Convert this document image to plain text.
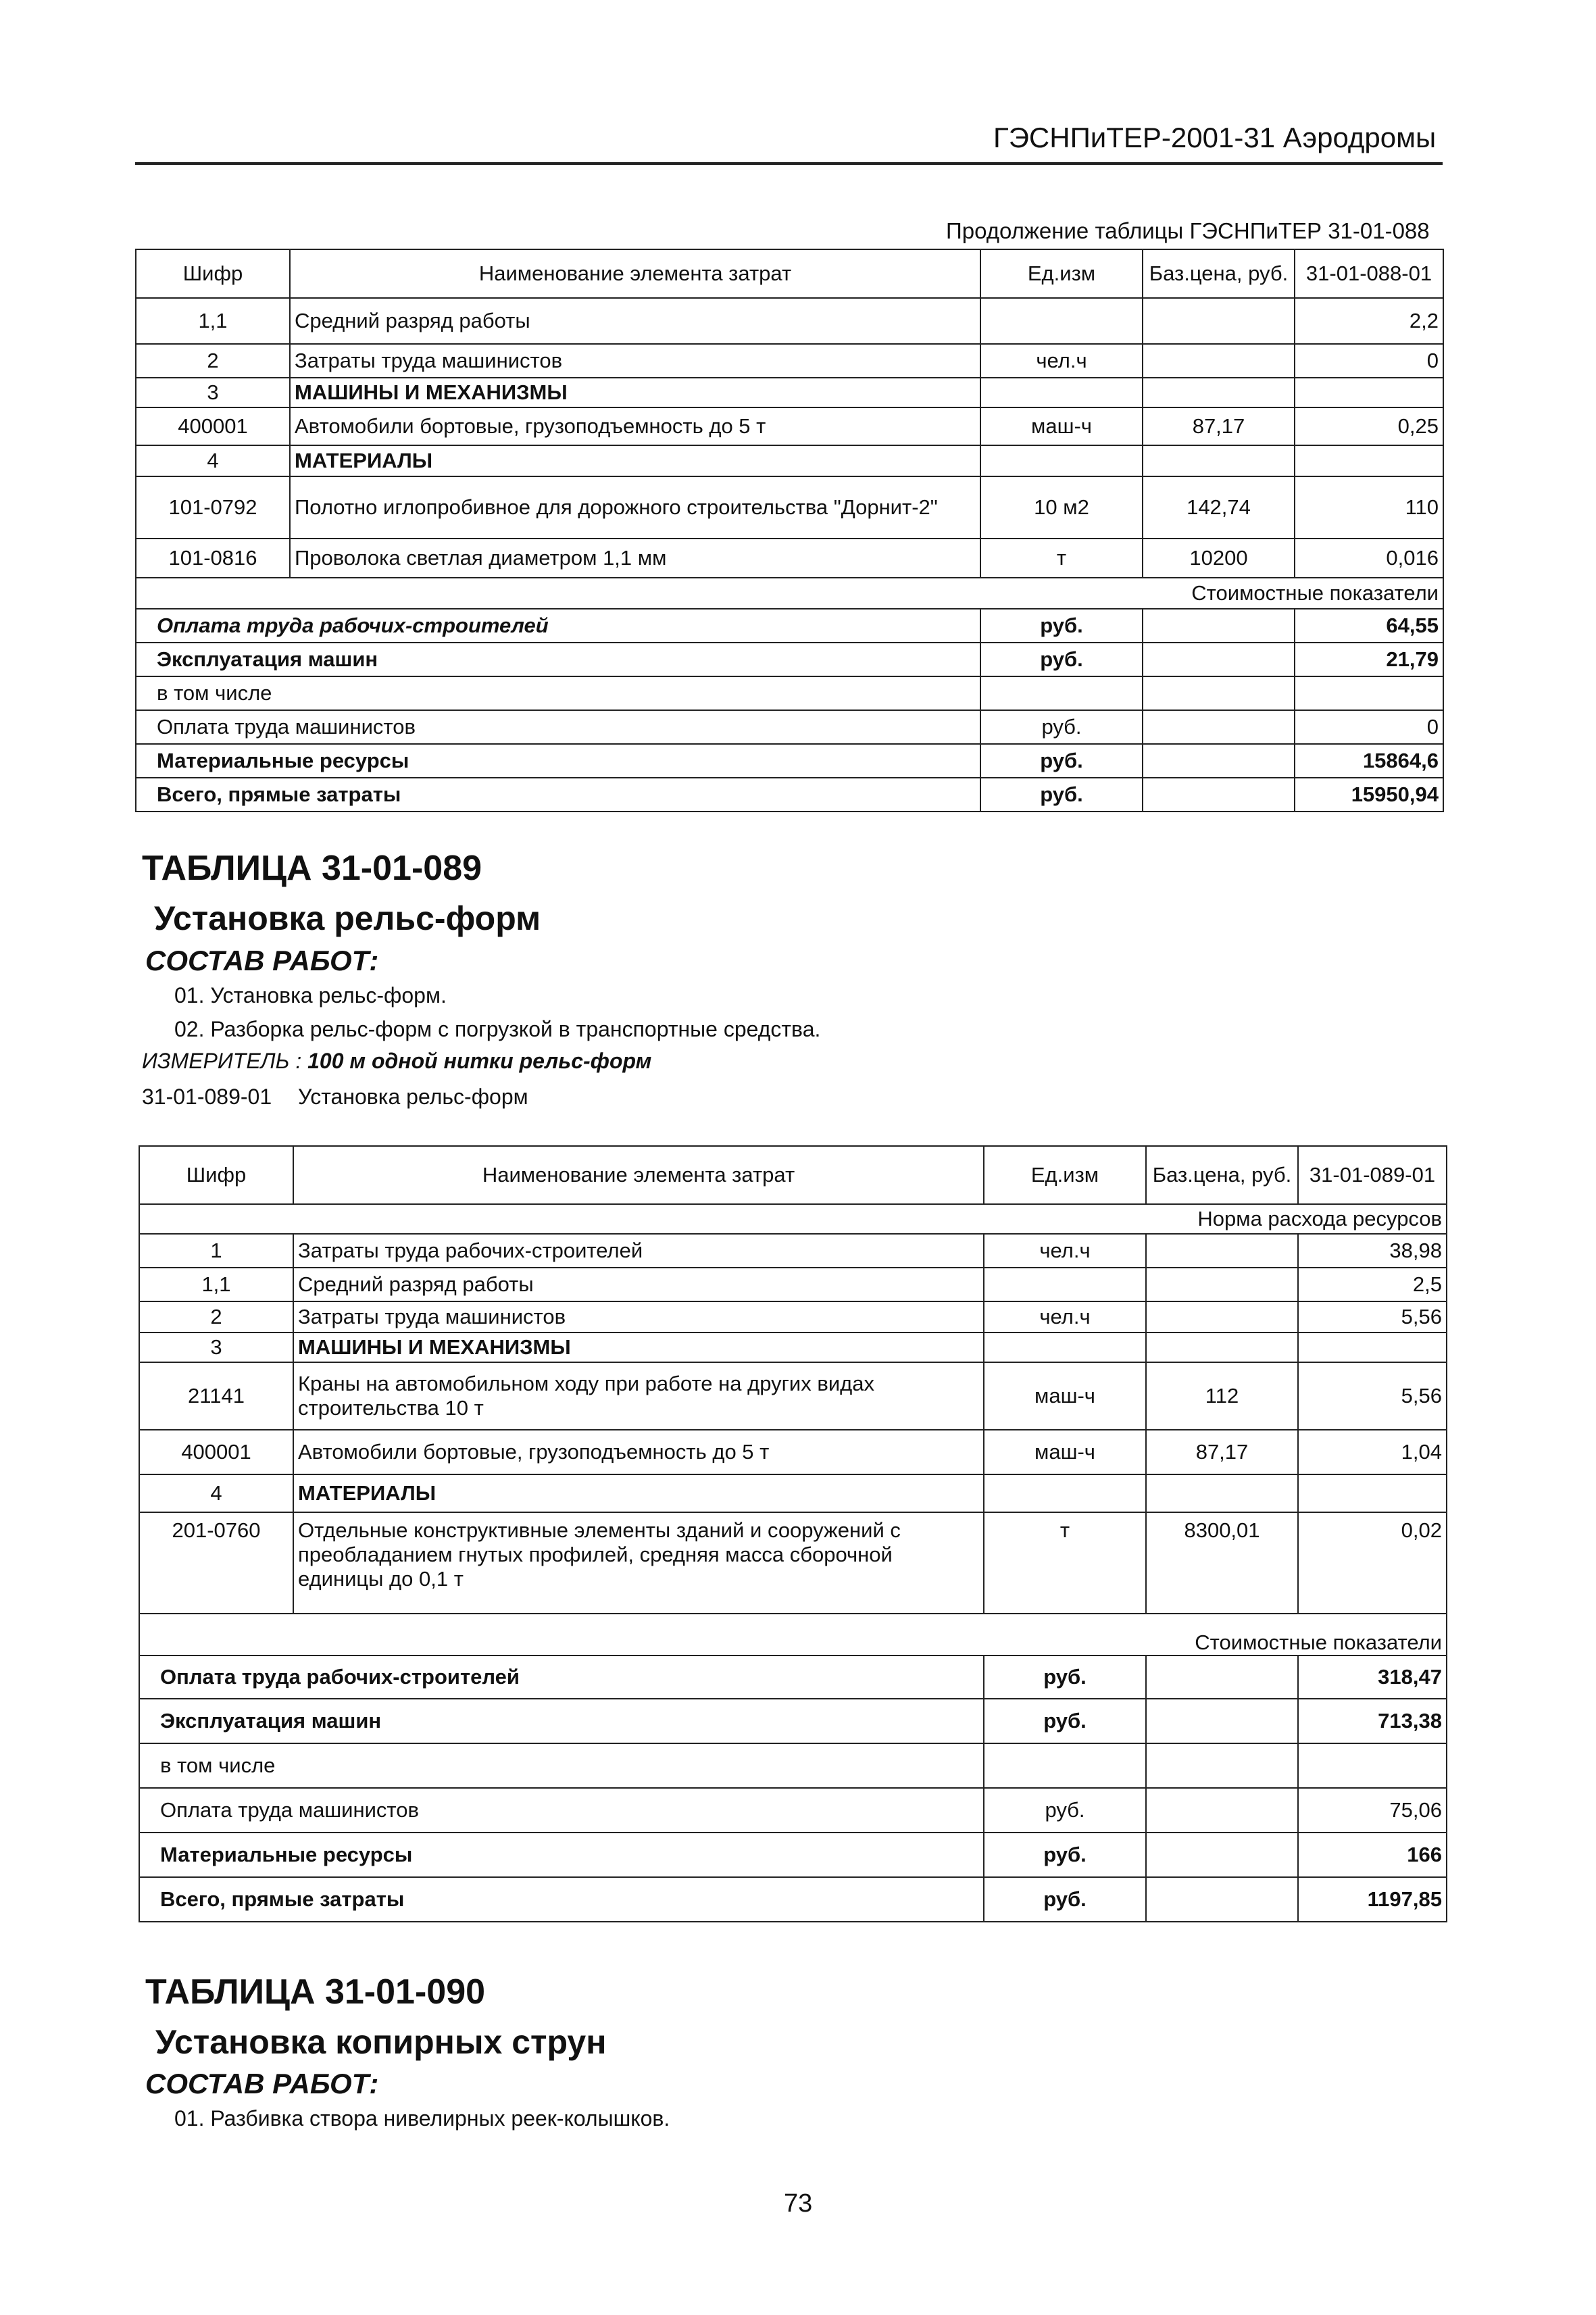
ГЭСНПиТЕР-2001-31 Аэродромы
Продолжение таблицы ГЭСНПиТЕР 31-01-088
Шифр	Наименование элемента затрат	Ед.изм	Баз.цена, руб.	31-01-088-01
1,1	Средний разряд работы			2,2
2	Затраты труда машинистов	чел.ч		0
3	МАШИНЫ И МЕХАНИЗМЫ			
400001	Автомобили бортовые, грузоподъемность до 5 т	маш-ч	87,17	0,25
4	МАТЕРИАЛЫ			
101-0792	Полотно иглопробивное для дорожного строительства "Дорнит-2"	10 м2	142,74	110
101-0816	Проволока светлая диаметром 1,1 мм	т	10200	0,016
Стоимостные показатели				
Оплата труда рабочих-строителей		руб.		64,55
Эксплуатация машин		руб.		21,79
в том числе				
Оплата труда машинистов		руб.		0
Материальные ресурсы		руб.		15864,6
Всего, прямые затраты		руб.		15950,94
ТАБЛИЦА 31-01-089
Установка рельс-форм
СОСТАВ РАБОТ:
01. Установка рельс-форм.
02. Разборка рельс-форм с погрузкой в транспортные средства.
ИЗМЕРИТЕЛЬ : 100 м одной нитки рельс-форм
31-01-089-01 Установка рельс-форм
Шифр	Наименование элемента затрат	Ед.изм	Баз.цена, руб.	31-01-089-01
Норма расхода ресурсов				
1	Затраты труда рабочих-строителей	чел.ч		38,98
1,1	Средний разряд работы			2,5
2	Затраты труда машинистов	чел.ч		5,56
3	МАШИНЫ И МЕХАНИЗМЫ			
21141	Краны на автомобильном ходу при работе на других видах строительства 10 т	маш-ч	112	5,56
400001	Автомобили бортовые, грузоподъемность до 5 т	маш-ч	87,17	1,04
4	МАТЕРИАЛЫ			
201-0760	Отдельные конструктивные элементы зданий и сооружений с преобладанием гнутых профилей, средняя масса сборочной единицы до 0,1 т	т	8300,01	0,02
Стоимостные показатели				
Оплата труда рабочих-строителей		руб.		318,47
Эксплуатация машин		руб.		713,38
в том числе				
Оплата труда машинистов		руб.		75,06
Материальные ресурсы		руб.		166
Всего, прямые затраты		руб.		1197,85
ТАБЛИЦА 31-01-090
Установка копирных струн
СОСТАВ РАБОТ:
01. Разбивка створа нивелирных реек-колышков.
73
